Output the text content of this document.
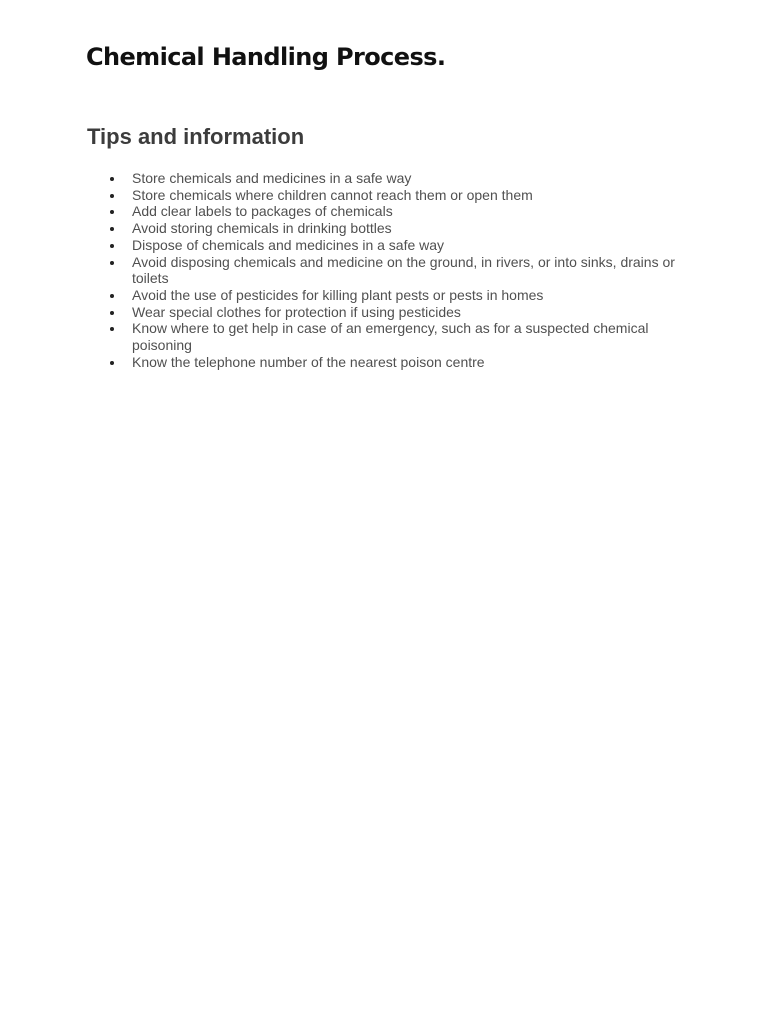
Chemical Handling Process.
Tips and information
Store chemicals and medicines in a safe way
Store chemicals where children cannot reach them or open them
Add clear labels to packages of chemicals
Avoid storing chemicals in drinking bottles
Dispose of chemicals and medicines in a safe way
Avoid disposing chemicals and medicine on the ground, in rivers, or into sinks, drains or toilets
Avoid the use of pesticides for killing plant pests or pests in homes
Wear special clothes for protection if using pesticides
Know where to get help in case of an emergency, such as for a suspected chemical poisoning
Know the telephone number of the nearest poison centre
